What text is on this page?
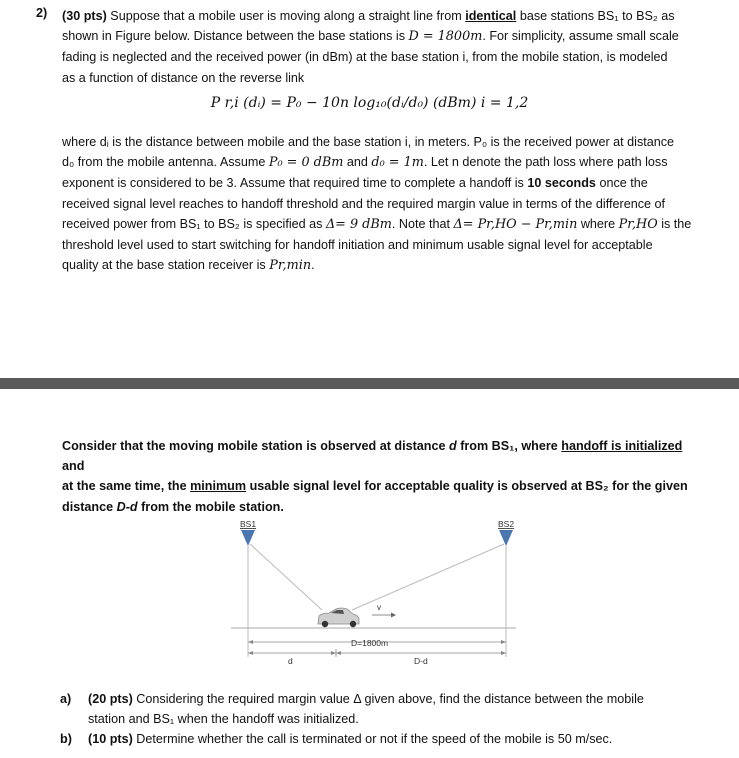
2) (30 pts) Suppose that a mobile user is moving along a straight line from identical base stations BS₁ to BS₂ as
shown in Figure below. Distance between the base stations is D = 1800m. For simplicity, assume small scale
fading is neglected and the received power (in dBm) at the base station i, from the mobile station, is modeled
as a function of distance on the reverse link
P r,i (dᵢ) = P₀ − 10n log₁₀(dᵢ/d₀) (dBm) i = 1,2
where dᵢ is the distance between mobile and the base station i, in meters. P₀ is the received power at distance
d₀ from the mobile antenna. Assume P₀ = 0 dBm and d₀ = 1m. Let n denote the path loss where path loss
exponent is considered to be 3. Assume that required time to complete a handoff is 10 seconds once the
received signal level reaches to handoff threshold and the required margin value in terms of the difference of
received power from BS₁ to BS₂ is specified as Δ= 9 dBm. Note that Δ= Pr,HO − Pr,min where Pr,HO is the
threshold level used to start switching for handoff initiation and minimum usable signal level for acceptable
quality at the base station receiver is Pr,min.
Consider that the moving mobile station is observed at distance d from BS₁, where handoff is initialized and
at the same time, the minimum usable signal level for acceptable quality is observed at BS₂ for the given
distance D-d from the mobile station.
BS1	BS2
v
D=1800m
d	D-d
a) (20 pts) Considering the required margin value Δ given above, find the distance between the mobile
station and BS₁ when the handoff was initialized.
b) (10 pts) Determine whether the call is terminated or not if the speed of the mobile is 50 m/sec.
